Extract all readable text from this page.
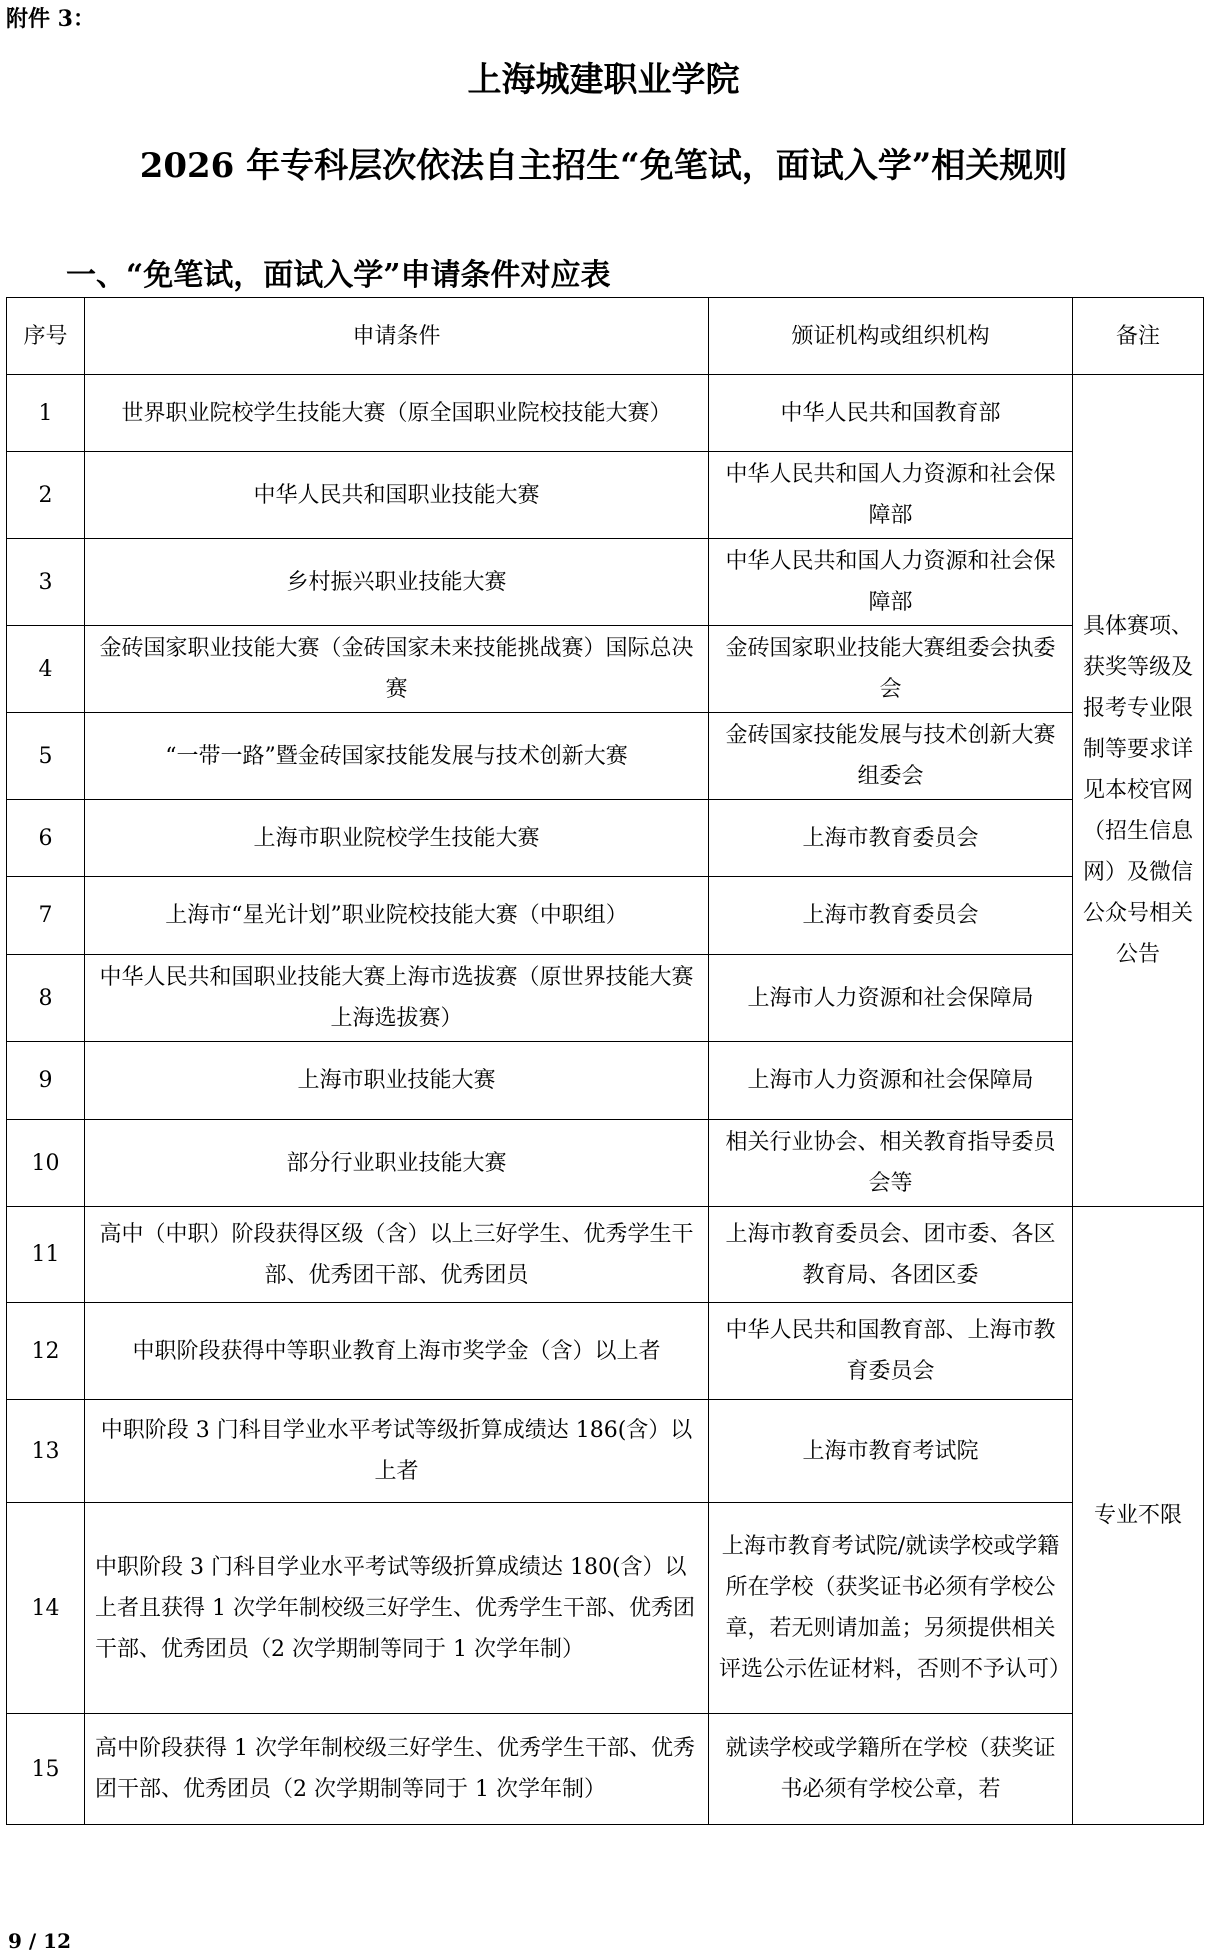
附件 3：
上海城建职业学院
2026 年专科层次依法自主招生“免笔试，面试入学”相关规则
一、“免笔试，面试入学”申请条件对应表
序号	申请条件	颁证机构或组织机构	备注
1	世界职业院校学生技能大赛（原全国职业院校技能大赛）	中华人民共和国教育部	具体赛项、获奖等级及报考专业限制等要求详见本校官网（招生信息网）及微信公众号相关公告
2	中华人民共和国职业技能大赛	中华人民共和国人力资源和社会保障部	
3	乡村振兴职业技能大赛	中华人民共和国人力资源和社会保障部	
4	金砖国家职业技能大赛（金砖国家未来技能挑战赛）国际总决赛	金砖国家职业技能大赛组委会执委会	
5	“一带一路”暨金砖国家技能发展与技术创新大赛	金砖国家技能发展与技术创新大赛组委会	
6	上海市职业院校学生技能大赛	上海市教育委员会	
7	上海市“星光计划”职业院校技能大赛（中职组）	上海市教育委员会	
8	中华人民共和国职业技能大赛上海市选拔赛（原世界技能大赛上海选拔赛）	上海市人力资源和社会保障局	
9	上海市职业技能大赛	上海市人力资源和社会保障局	
10	部分行业职业技能大赛	相关行业协会、相关教育指导委员会等	
11	高中（中职）阶段获得区级（含）以上三好学生、优秀学生干部、优秀团干部、优秀团员	上海市教育委员会、团市委、各区教育局、各团区委	专业不限
12	中职阶段获得中等职业教育上海市奖学金（含）以上者	中华人民共和国教育部、上海市教育委员会	
13	中职阶段 3 门科目学业水平考试等级折算成绩达 186(含）以上者	上海市教育考试院	
14	中职阶段 3 门科目学业水平考试等级折算成绩达 180(含）以上者且获得 1 次学年制校级三好学生、优秀学生干部、优秀团干部、优秀团员（2 次学期制等同于 1 次学年制）	上海市教育考试院/就读学校或学籍所在学校（获奖证书必须有学校公章，若无则请加盖；另须提供相关评选公示佐证材料，否则不予认可）	
15	高中阶段获得 1 次学年制校级三好学生、优秀学生干部、优秀团干部、优秀团员（2 次学期制等同于 1 次学年制）	就读学校或学籍所在学校（获奖证书必须有学校公章，若	
9 / 12
